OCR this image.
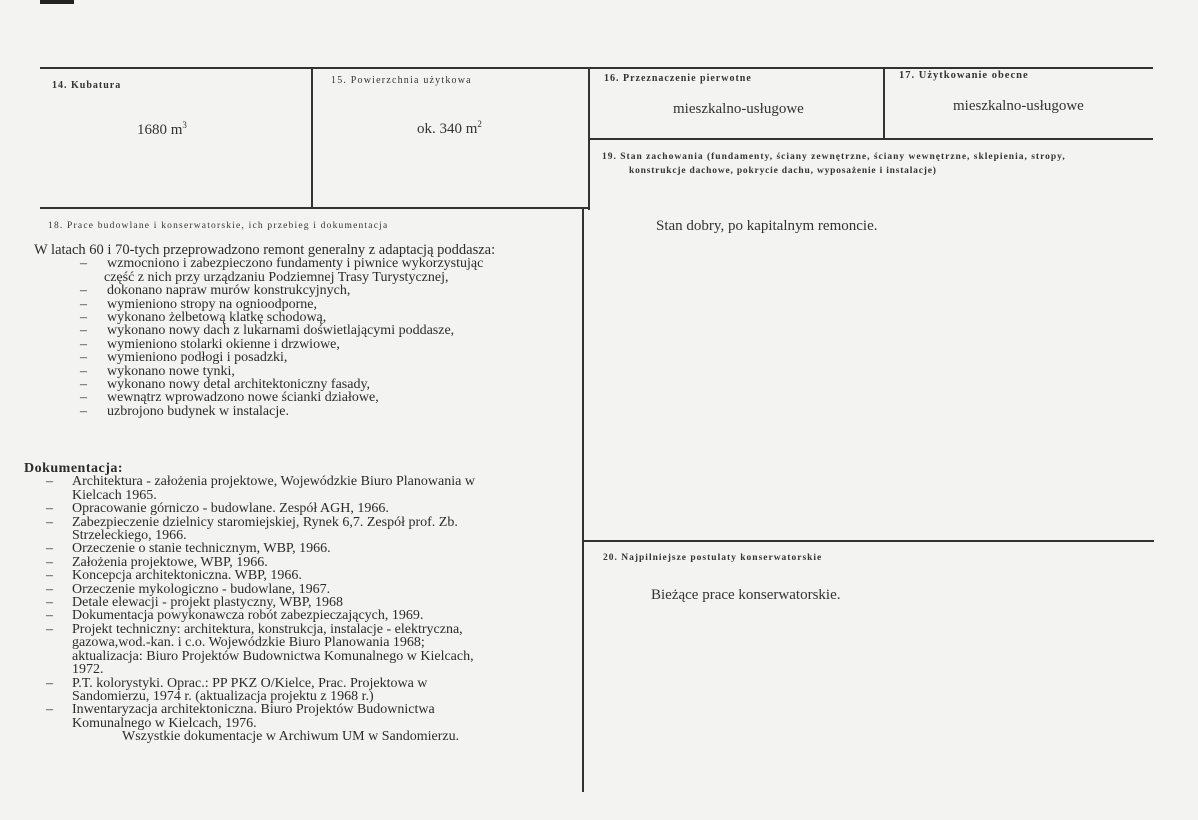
14. Kubatura
1680 $m^3$
15. Powierzchnia użytkowa
ok. 340 $m^2$
16. Przeznaczenie pierwotne
mieszkalno-usługowe
17. Użytkowanie obecne
mieszkalno-usługowe
19. Stan zachowania (fundamenty, ściany zewnętrzne, ściany wewnętrzne, sklepienia, stropy,
konstrukcje dachowe, pokrycie dachu, wyposażenie i instalacje)
Stan dobry, po kapitalnym remoncie.
18. Prace budowlane i konserwatorskie, ich przebieg i dokumentacja
W latach 60 i 70-tych przeprowadzono remont generalny z adaptacją poddasza:
– wzmocniono i zabezpieczono fundamenty i piwnice wykorzystując
część z nich przy urządzaniu Podziemnej Trasy Turystycznej,
– dokonano napraw murów konstrukcyjnych,
– wymieniono stropy na ognioodporne,
– wykonano żelbetową klatkę schodową,
– wykonano nowy dach z lukarnami doświetlającymi poddasze,
– wymieniono stolarki okienne i drzwiowe,
– wymieniono podłogi i posadzki,
– wykonano nowe tynki,
– wykonano nowy detal architektoniczny fasady,
– wewnątrz wprowadzono nowe ścianki działowe,
– uzbrojono budynek w instalacje.
Dokumentacja:
– Architektura - założenia projektowe, Wojewódzkie Biuro Planowania w
Kielcach 1965.
– Opracowanie górniczo - budowlane. Zespół AGH, 1966.
– Zabezpieczenie dzielnicy staromiejskiej, Rynek 6,7. Zespół prof. Zb.
Strzeleckiego, 1966.
– Orzeczenie o stanie technicznym, WBP, 1966.
– Założenia projektowe, WBP, 1966.
– Koncepcja architektoniczna. WBP, 1966.
– Orzeczenie mykologiczno - budowlane, 1967.
– Detale elewacji - projekt plastyczny, WBP, 1968
– Dokumentacja powykonawcza robót zabezpieczających, 1969.
– Projekt techniczny: architektura, konstrukcja, instalacje - elektryczna,
gazowa,wod.-kan. i c.o. Wojewódzkie Biuro Planowania 1968;
aktualizacja: Biuro Projektów Budownictwa Komunalnego w Kielcach,
1972.
– P.T. kolorystyki. Oprac.: PP PKZ O/Kielce, Prac. Projektowa w
Sandomierzu, 1974 r. (aktualizacja projektu z 1968 r.)
– Inwentaryzacja architektoniczna. Biuro Projektów Budownictwa
Komunalnego w Kielcach, 1976.
Wszystkie dokumentacje w Archiwum UM w Sandomierzu.
20. Najpilniejsze postulaty konserwatorskie
Bieżące prace konserwatorskie.
